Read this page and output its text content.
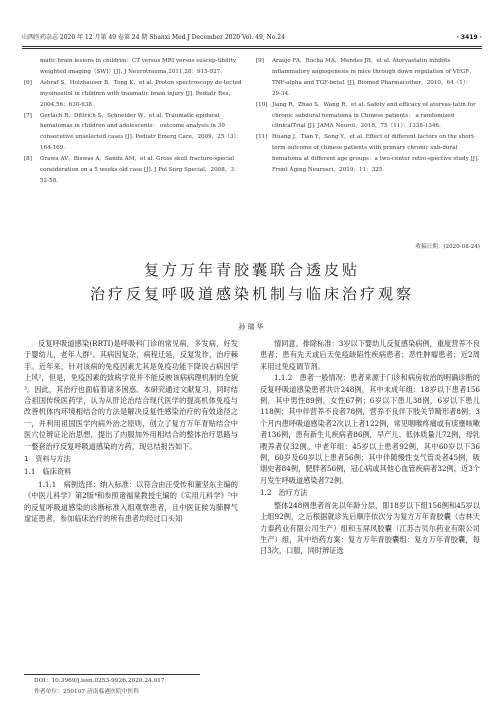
山西医药杂志 2020 年 12 月第 49 卷第 24 期 Shanxi Med J December 2020 Vol. 49, No.24	· 3419 ·
matic brain lesions in children：CT versus MRI versus suscep-tibility weighted imaging（SWI）[J]. J Neurotrauma,2011,28：915-927.
[6] Ashraf S，Holzhauser B，Tong K，et al. Proton spectroscopy de-tected myoinositol in children with traumatic brain injury [J]. Pediatr Res，2004,56：630-638.
[7] Gerlach R，Dittrich S，Schneider W，et al. Traumatic epidural hematomas in children and adolescents： outcome analysis in 39 consecutive unselected cases [J]. Pediatr Emerg Care，2009，25（3）：164-169.
[8] Grawa AV，Biswas A，Sandu AM，et al. Gross skull fracture-special consideration on a 5 weeks old case [J]. J Pol Surg Special，2008，3：52-58.
[9] Araújo FA，Rocha MA，Mendes JB，et al. Atorvastatin inhibits inflammatory angiogenesis in mice through down regulation of VEGF，TNF-alpha and TGF-beta1 [J]. Biomed Pharmacother，2010，64（1）：29-34.
[10] Jiang R，Zhao S，Wang R，et al. Safety and efficacy of atorvas-tatin for chronic subdural hematoma in Chinese patients： a randomized clinicalTrial [J]. JAMA Neurol，2018，75（11）：1338-1346.
[11] Huang J，Tian Y，Song Y，et al. Effect of different factors on the short-term outcome of chinese patients with primary chronic sub-dural hematoma at different age groups：a two-center retro-spective study [J]. Front Aging Neurosci，2019，11：325.
收稿日期：(2020-08-24)
复方万年青胶囊联合透皮贴
治疗反复呼吸道感染机制与临床治疗观察
孙瑞华

反复呼吸道感染(RRTI)是呼吸科门诊的常见病，多发病，好发于婴幼儿，老年人群¹。其病因复杂，病程迁延，反复发作，治疗棘手。近年来，针对该病的免疫因素尤其是免疫功能下降说占病因学上风²，但是，免疫因素的致病学说并不能反映该病病理机制的全貌³。因此，其治疗也面临着诸多困惑。本研究通过文献复习，同时结合祖国传统医药学，认为从肝论治结合现代医学的提高机体免疫与改善机体内环境相结合的方法是解决反复性感染治疗的有效途径之一，并利用祖国医学内病外治之原则，创立了复方万年青贴结合中医穴位辨证论治思想，提出了内服加外用相结合的整体治疗思路与一整套治疗反复呼吸道感染的方药，现总结报告如下。

1　资料与方法

1.1　临床资料

1.1.1　病例选择：纳入标准：以符合由汪受传和董坚东主编的《中医儿科学》第2版⁴和参照诸福棠教授主编的《实用儿科学》⁵中的反复呼吸道感染的诊断标准入组观察患者，且中医证候为肺脾气虚证患者，参加临床治疗的所有患者均经过口头知

情同意。排除标准：3岁以下婴幼儿反复感染病例，重度营养不良患者；患有先天或后天免疫缺陷性疾病患者；恶性肿瘤患者；近2周来用过免疫调节剂。

1.1.2　患者一般情况：患者来源于门诊和病房收治的明确诊断的反复呼吸道感染患者共计248例，其中未成年组：18岁以下患者156例，其中男性89例，女性67例；6岁以下患儿38例，6岁以下患儿118例；其中伴营养不良者78例，营养不良伴下肢关节畸形者8例；3个月内患呼吸道感染者2次以上者122例，常见咽喉疼痛或有痰壅咳嗽者136例，患有新生儿疾病者86例，早产儿、低体质量儿72例，母乳喂养者仅32例。中老年组：45岁以上患者92例，其中60岁以下36例，60岁及60岁以上患者56例；其中伴随慢性支气管炎者45例，吸烟史者84例，肥胖者56例，冠心病或其他心血管疾病者32例，近3个月发生呼吸道感染者72例。

1.2　治疗方法

整体248例患者首先以年龄分层，即18岁以下组156例和45岁以上组92例，之后根据就诊先后顺序依次分为复方万年青胶囊（吉林天力泰药业有限公司生产）组和玉屏风胶囊（江苏吉贝尔药业有限公司生产）组，其中给药方案：复方万年青胶囊组：复方万年青胶囊，每日3次，口服，同时辨证选

DOI：10.3969/j.issn.0253-9926.2020.24.017
作者单位：250107 济南临港医院中医科
